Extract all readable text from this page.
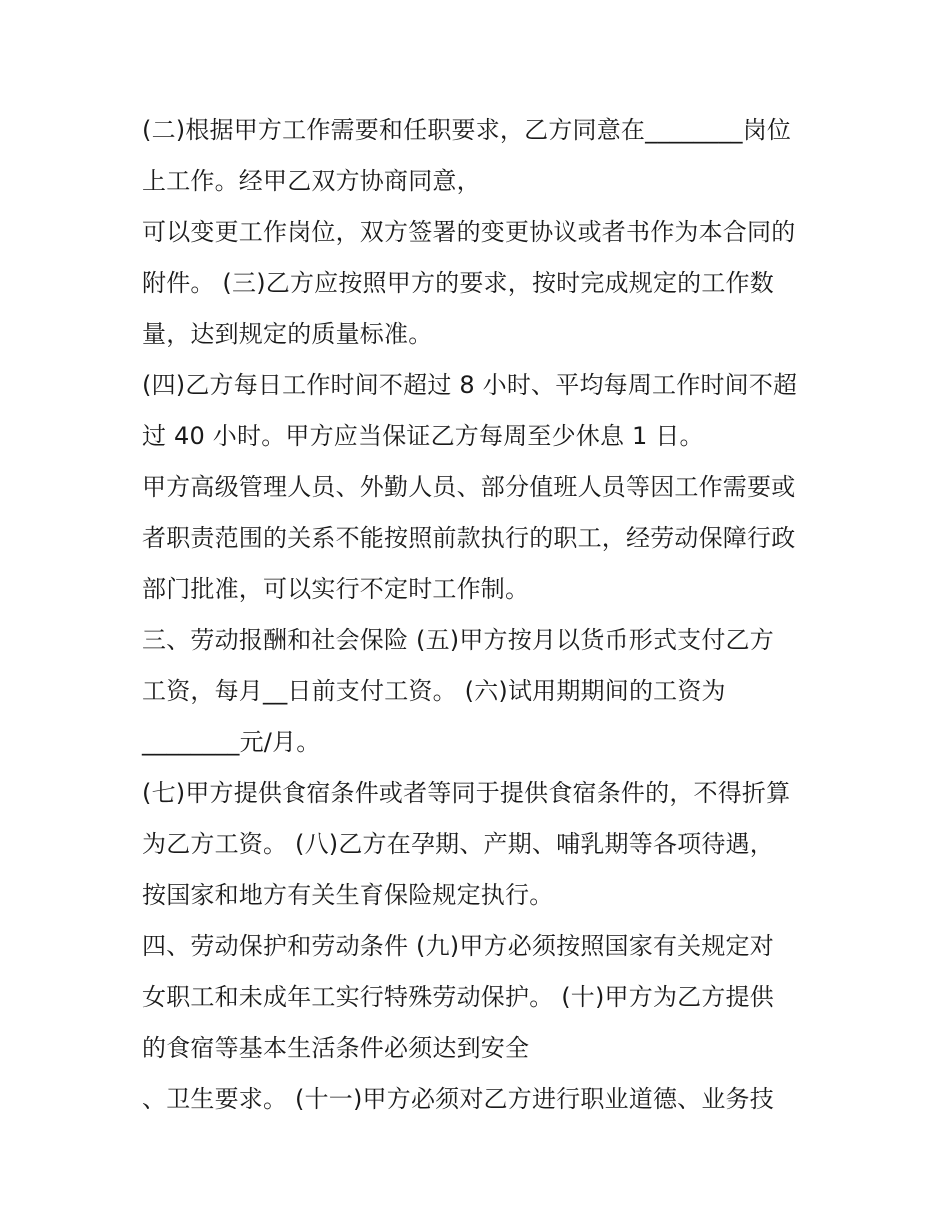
(二)根据甲方工作需要和任职要求，乙方同意在________岗位
上工作。经甲乙双方协商同意，
可以变更工作岗位，双方签署的变更协议或者书作为本合同的
附件。 (三)乙方应按照甲方的要求，按时完成规定的工作数
量，达到规定的质量标准。
(四)乙方每日工作时间不超过 8 小时、平均每周工作时间不超
过 40 小时。甲方应当保证乙方每周至少休息 1 日。
甲方高级管理人员、外勤人员、部分值班人员等因工作需要或
者职责范围的关系不能按照前款执行的职工，经劳动保障行政
部门批准，可以实行不定时工作制。
三、劳动报酬和社会保险 (五)甲方按月以货币形式支付乙方
工资，每月__日前支付工资。 (六)试用期期间的工资为
________元/月。
(七)甲方提供食宿条件或者等同于提供食宿条件的，不得折算
为乙方工资。 (八)乙方在孕期、产期、哺乳期等各项待遇，
按国家和地方有关生育保险规定执行。
四、劳动保护和劳动条件 (九)甲方必须按照国家有关规定对
女职工和未成年工实行特殊劳动保护。 (十)甲方为乙方提供
的食宿等基本生活条件必须达到安全
、卫生要求。 (十一)甲方必须对乙方进行职业道德、业务技
